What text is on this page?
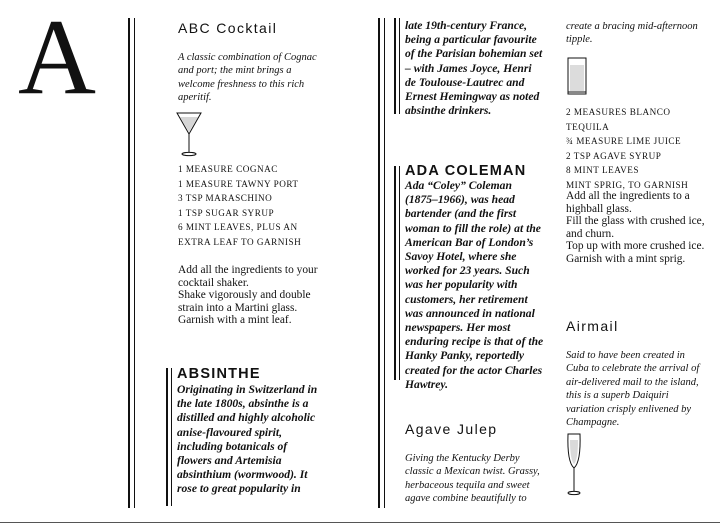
A	ABC Cocktail
A classic combination of Cognac and port; the mint brings a welcome freshness to this rich aperitif.
1 MEASURE COGNAC
1 MEASURE TAWNY PORT
3 TSP MARASCHINO
1 TSP SUGAR SYRUP
6 MINT LEAVES, PLUS AN EXTRA LEAF TO GARNISH
Add all the ingredients to your cocktail shaker.
Shake vigorously and double strain into a Martini glass.
Garnish with a mint leaf.
ABSINTHE
Originating in Switzerland in the late 1800s, absinthe is a distilled and highly alcoholic anise-flavoured spirit, including botanicals of flowers and Artemisia absinthium (wormwood). It rose to great popularity in
late 19th-century France, being a particular favourite of the Parisian bohemian set – with James Joyce, Henri de Toulouse-Lautrec and Ernest Hemingway as noted absinthe drinkers.
ADA COLEMAN
Ada “Coley” Coleman (1875–1966), was head bartender (and the first woman to fill the role) at the American Bar of London’s Savoy Hotel, where she worked for 23 years. Such was her popularity with customers, her retirement was announced in national newspapers. Her most enduring recipe is that of the Hanky Panky, reportedly created for the actor Charles Hawtrey.
Agave Julep
Giving the Kentucky Derby classic a Mexican twist. Grassy, herbaceous tequila and sweet agave combine beautifully to
create a bracing mid-afternoon tipple.
2 MEASURES BLANCO TEQUILA
¾ MEASURE LIME JUICE
2 TSP AGAVE SYRUP
8 MINT LEAVES
MINT SPRIG, TO GARNISH
Add all the ingredients to a highball glass.
Fill the glass with crushed ice, and churn.
Top up with more crushed ice.
Garnish with a mint sprig.
Airmail
Said to have been created in Cuba to celebrate the arrival of air-delivered mail to the island, this is a superb Daiquiri variation crisply enlivened by Champagne.
